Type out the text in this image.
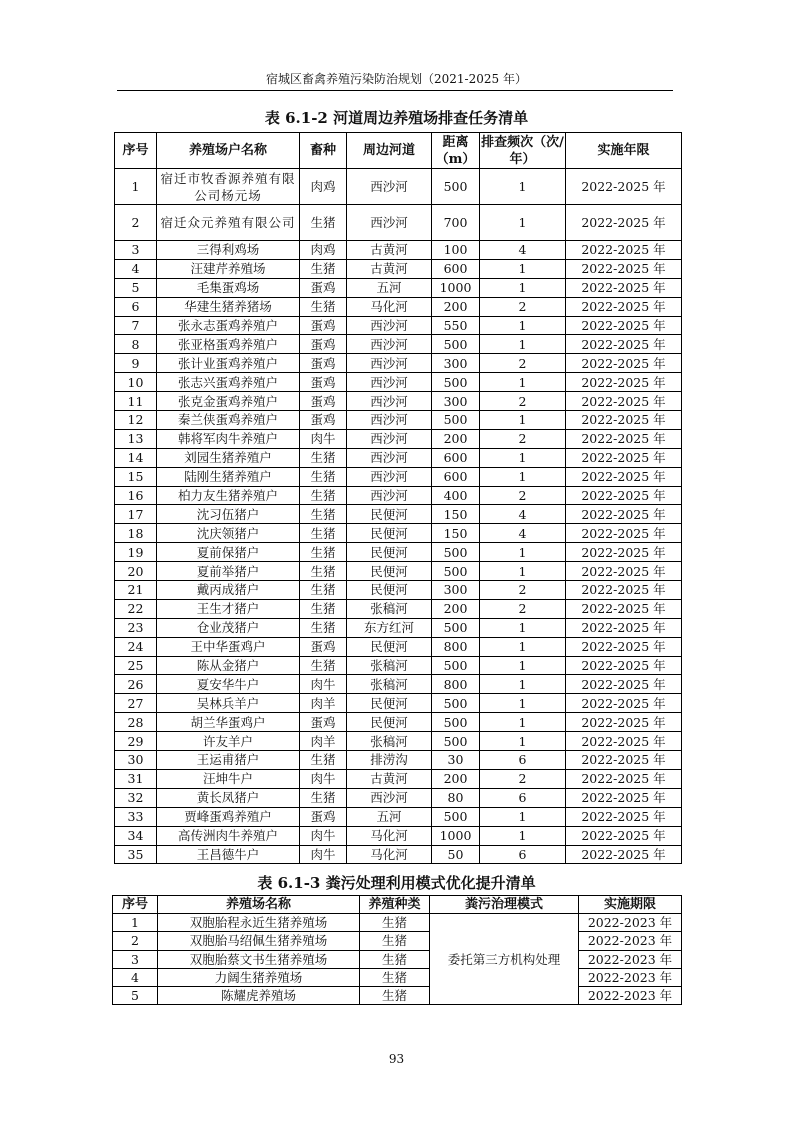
宿城区畜禽养殖污染防治规划（2021-2025 年）
表 6.1-2 河道周边养殖场排查任务清单
序号	养殖场户名称	畜种	周边河道	距离（m）	排查频次（次/年）	实施年限
1	宿迁市牧香源养殖有限公司杨元场	肉鸡	西沙河	500	1	2022-2025 年
2	宿迁众元养殖有限公司	生猪	西沙河	700	1	2022-2025 年
3	三得利鸡场	肉鸡	古黄河	100	4	2022-2025 年
4	汪建芹养殖场	生猪	古黄河	600	1	2022-2025 年
5	毛集蛋鸡场	蛋鸡	五河	1000	1	2022-2025 年
6	华建生猪养猪场	生猪	马化河	200	2	2022-2025 年
7	张永志蛋鸡养殖户	蛋鸡	西沙河	550	1	2022-2025 年
8	张亚格蛋鸡养殖户	蛋鸡	西沙河	500	1	2022-2025 年
9	张计业蛋鸡养殖户	蛋鸡	西沙河	300	2	2022-2025 年
10	张志兴蛋鸡养殖户	蛋鸡	西沙河	500	1	2022-2025 年
11	张克金蛋鸡养殖户	蛋鸡	西沙河	300	2	2022-2025 年
12	秦兰侠蛋鸡养殖户	蛋鸡	西沙河	500	1	2022-2025 年
13	韩将军肉牛养殖户	肉牛	西沙河	200	2	2022-2025 年
14	刘园生猪养殖户	生猪	西沙河	600	1	2022-2025 年
15	陆刚生猪养殖户	生猪	西沙河	600	1	2022-2025 年
16	柏力友生猪养殖户	生猪	西沙河	400	2	2022-2025 年
17	沈习伍猪户	生猪	民便河	150	4	2022-2025 年
18	沈庆领猪户	生猪	民便河	150	4	2022-2025 年
19	夏前保猪户	生猪	民便河	500	1	2022-2025 年
20	夏前举猪户	生猪	民便河	500	1	2022-2025 年
21	戴丙成猪户	生猪	民便河	300	2	2022-2025 年
22	王生才猪户	生猪	张稿河	200	2	2022-2025 年
23	仓业茂猪户	生猪	东方红河	500	1	2022-2025 年
24	王中华蛋鸡户	蛋鸡	民便河	800	1	2022-2025 年
25	陈从金猪户	生猪	张稿河	500	1	2022-2025 年
26	夏安华牛户	肉牛	张稿河	800	1	2022-2025 年
27	吴林兵羊户	肉羊	民便河	500	1	2022-2025 年
28	胡兰华蛋鸡户	蛋鸡	民便河	500	1	2022-2025 年
29	许友羊户	肉羊	张稿河	500	1	2022-2025 年
30	王运甫猪户	生猪	排涝沟	30	6	2022-2025 年
31	汪坤牛户	肉牛	古黄河	200	2	2022-2025 年
32	黄长凤猪户	生猪	西沙河	80	6	2022-2025 年
33	贾峰蛋鸡养殖户	蛋鸡	五河	500	1	2022-2025 年
34	高传洲肉牛养殖户	肉牛	马化河	1000	1	2022-2025 年
35	王昌德牛户	肉牛	马化河	50	6	2022-2025 年
表 6.1-3 粪污处理利用模式优化提升清单
序号	养殖场名称	养殖种类	粪污治理模式	实施期限
1	双胞胎程永近生猪养殖场	生猪	委托第三方机构处理	2022-2023 年
2	双胞胎马绍佩生猪养殖场	生猪		2022-2023 年
3	双胞胎蔡文书生猪养殖场	生猪		2022-2023 年
4	力阔生猪养殖场	生猪		2022-2023 年
5	陈耀虎养殖场	生猪		2022-2023 年
93
